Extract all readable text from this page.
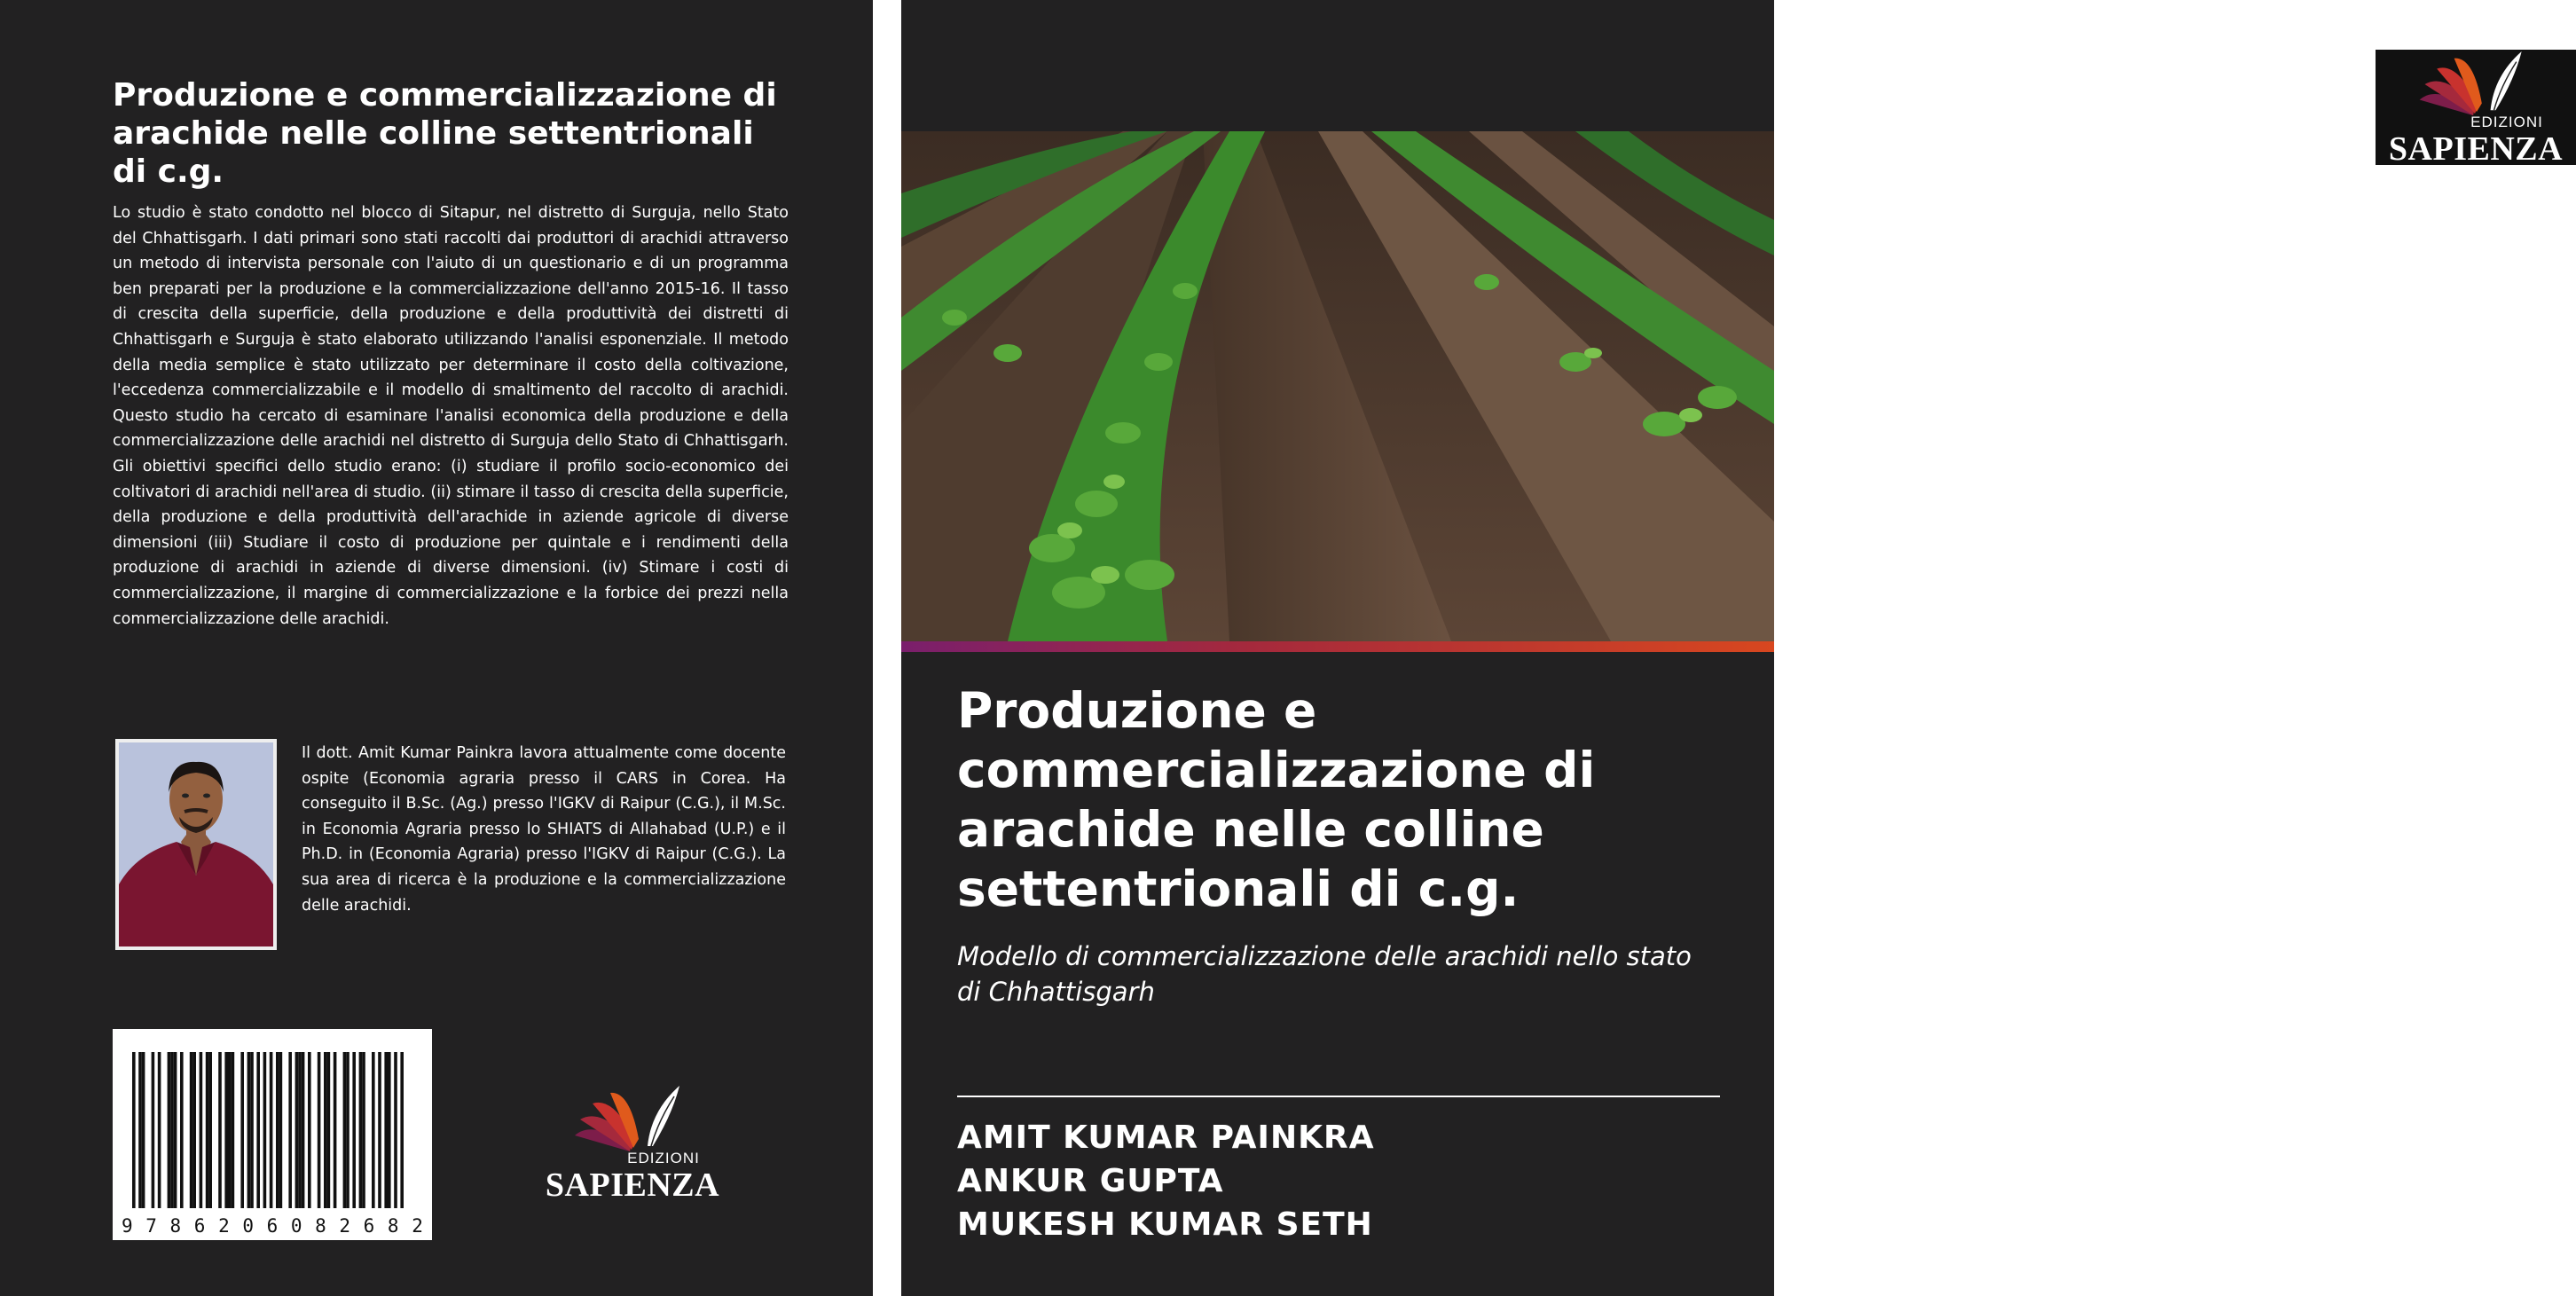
Produzione e commercializzazione di arachide nelle colline settentrionali di c.g.

Lo studio è stato condotto nel blocco di Sitapur, nel distretto di Surguja, nello Stato del Chhattisgarh. I dati primari sono stati raccolti dai produttori di arachidi attraverso un metodo di intervista personale con l'aiuto di un questionario e di un programma ben preparati per la produzione e la commercializzazione dell'anno 2015-16. Il tasso di crescita della superficie, della produzione e della produttività dei distretti di Chhattisgarh e Surguja è stato elaborato utilizzando l'analisi esponenziale. Il metodo della media semplice è stato utilizzato per determinare il costo della coltivazione, l'eccedenza commercializzabile e il modello di smaltimento del raccolto di arachidi. Questo studio ha cercato di esaminare l'analisi economica della produzione e della commercializzazione delle arachidi nel distretto di Surguja dello Stato di Chhattisgarh. Gli obiettivi specifici dello studio erano: (i) studiare il profilo socio-economico dei coltivatori di arachidi nell'area di studio. (ii) stimare il tasso di crescita della superficie, della produzione e della produttività dell'arachide in aziende agricole di diverse dimensioni (iii) Studiare il costo di produzione per quintale e i rendimenti della produzione di arachidi in aziende di diverse dimensioni. (iv) Stimare i costi di commercializzazione, il margine di commercializzazione e la forbice dei prezzi nella commercializzazione delle arachidi.

Il dott. Amit Kumar Painkra lavora attualmente come docente ospite (Economia agraria presso il CARS in Corea. Ha conseguito il B.Sc. (Ag.) presso l'IGKV di Raipur (C.G.), il M.Sc. in Economia Agraria presso lo SHIATS di Allahabad (U.P.) e il Ph.D. in (Economia Agraria) presso l'IGKV di Raipur (C.G.). La sua area di ricerca è la produzione e la commercializzazione delle arachidi.

9 7 8 6 2 0 6 0 8 2 6 8 2
EDIZIONI
SAPIENZA
EDIZIONI
SAPIENZA
Produzione e commercializzazione di arachide nelle colline settentrionali di c.g.
Modello di commercializzazione delle arachidi nello stato di Chhattisgarh
AMIT KUMAR PAINKRA
ANKUR GUPTA
MUKESH KUMAR SETH
